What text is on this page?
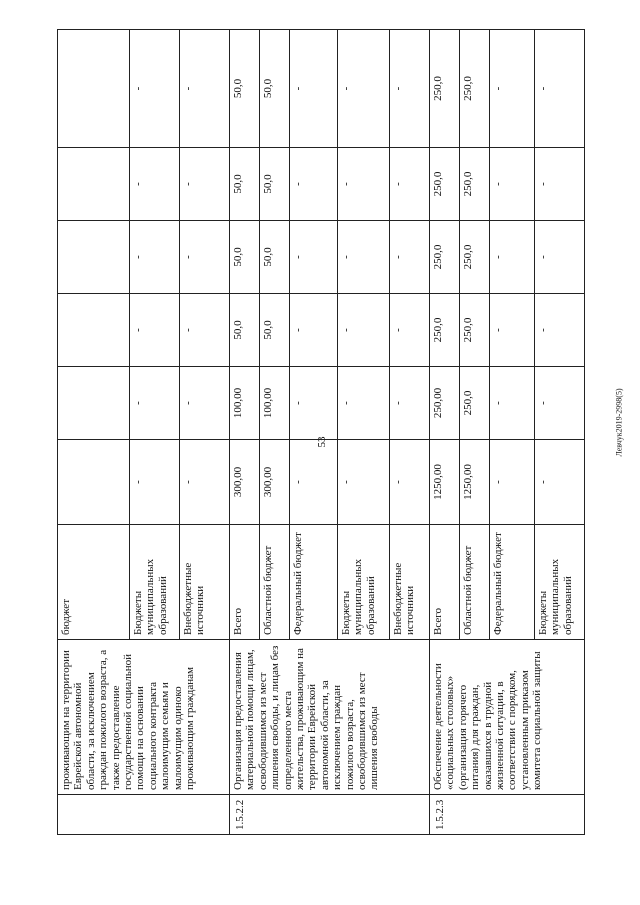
53	Левчук2019-2998(5)
	проживающим на территории Еврейской автономной области, за исключением граждан пожилого возраста, а также предоставление государственной социальной помощи на основании социального контракта малоимущим семьям и малоимущим одиноко проживающим гражданам	бюджет						
		Бюджеты муниципальных образований	-	-	-	-	-	-
		Внебюджетные источники	-	-	-	-	-	-
1.5.2.2	Организация предоставления материальной помощи лицам, освободившимся из мест лишения свободы, и лицам без определенного места жительства, проживающим на территории Еврейской автономной области, за исключением граждан пожилого возраста, освободившимся из мест лишения свободы	Всего	300,00	100,00	50,0	50,0	50,0	50,0
		Областной бюджет	300,00	100,00	50,0	50,0	50,0	50,0
		Федеральный бюджет	-	-	-	-	-	-
		Бюджеты муниципальных образований	-	-	-	-	-	-
		Внебюджетные источники	-	-	-	-	-	-
1.5.2.3	Обеспечение деятельности «социальных столовых» (организация горячего питания) для граждан, оказавшихся в трудной жизненной ситуации, в соответствии с порядком, установленным приказом комитета социальной защиты	Всего	1250,00	250,00	250,0	250,0	250,0	250,0
		Областной бюджет	1250,00	250,0	250,0	250,0	250,0	250,0
		Федеральный бюджет	-	-	-	-	-	-
		Бюджеты муниципальных образований	-	-	-	-	-	-
